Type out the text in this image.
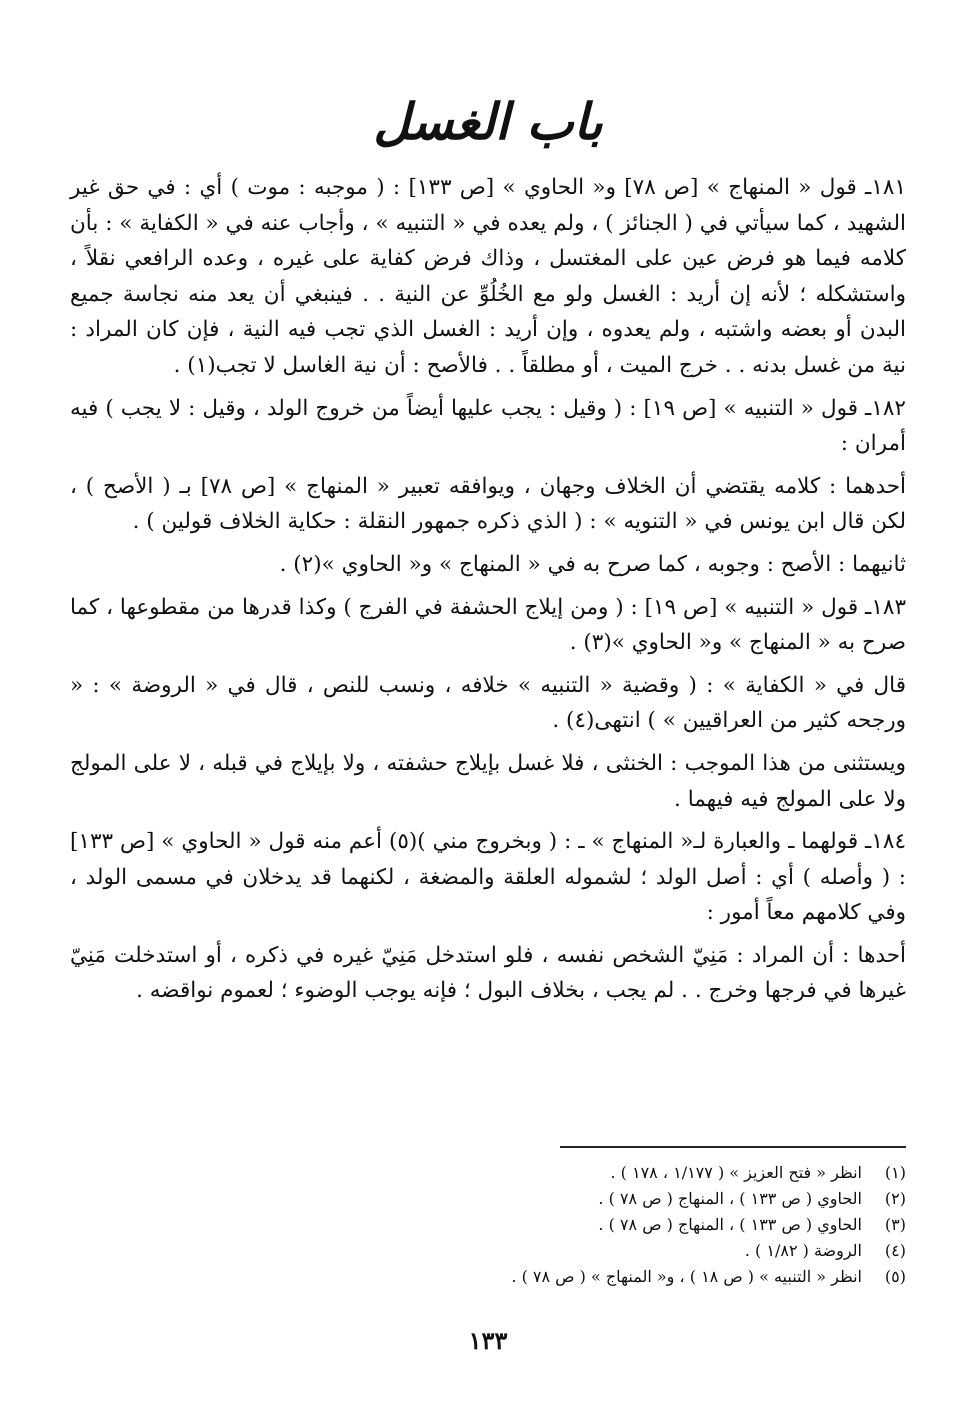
باب الغسل

١٨١ـ قول « المنهاج » [ص ٧٨] و« الحاوي » [ص ١٣٣] : ( موجبه : موت ) أي : في حق غير الشهيد ، كما سيأتي في ( الجنائز ) ، ولم يعده في « التنبيه » ، وأجاب عنه في « الكفاية » : بأن كلامه فيما هو فرض عين على المغتسل ، وذاك فرض كفاية على غيره ، وعده الرافعي نقلاً ، واستشكله ؛ لأنه إن أريد : الغسل ولو مع الخُلُوِّ عن النية . . فينبغي أن يعد منه نجاسة جميع البدن أو بعضه واشتبه ، ولم يعدوه ، وإن أريد : الغسل الذي تجب فيه النية ، فإن كان المراد : نية من غسل بدنه . . خرج الميت ، أو مطلقاً . . فالأصح : أن نية الغاسل لا تجب(١) .

١٨٢ـ قول « التنبيه » [ص ١٩] : ( وقيل : يجب عليها أيضاً من خروج الولد ، وقيل : لا يجب ) فيه أمران :

أحدهما : كلامه يقتضي أن الخلاف وجهان ، ويوافقه تعبير « المنهاج » [ص ٧٨] بـ ( الأصح ) ، لكن قال ابن يونس في « التنويه » : ( الذي ذكره جمهور النقلة : حكاية الخلاف قولين ) .

ثانيهما : الأصح : وجوبه ، كما صرح به في « المنهاج » و« الحاوي »(٢) .

١٨٣ـ قول « التنبيه » [ص ١٩] : ( ومن إيلاج الحشفة في الفرج ) وكذا قدرها من مقطوعها ، كما صرح به « المنهاج » و« الحاوي »(٣) .

قال في « الكفاية » : ( وقضية « التنبيه » خلافه ، ونسب للنص ، قال في « الروضة » : « ورجحه كثير من العراقيين » ) انتهى(٤) .

ويستثنى من هذا الموجب : الخنثى ، فلا غسل بإيلاج حشفته ، ولا بإيلاج في قبله ، لا على المولج ولا على المولج فيه فيهما .

١٨٤ـ قولهما ـ والعبارة لـ« المنهاج » ـ : ( وبخروج مني )(٥) أعم منه قول « الحاوي » [ص ١٣٣] : ( وأصله ) أي : أصل الولد ؛ لشموله العلقة والمضغة ، لكنهما قد يدخلان في مسمى الولد ، وفي كلامهم معاً أمور :

أحدها : أن المراد : مَنِيّ الشخص نفسه ، فلو استدخل مَنِيّ غيره في ذكره ، أو استدخلت مَنِيّ غيرها في فرجها وخرج . . لم يجب ، بخلاف البول ؛ فإنه يوجب الوضوء ؛ لعموم نواقضه .

(١)
انظر « فتح العزيز » ( ١/١٧٧ ، ١٧٨ ) .
(٢)
الحاوي ( ص ١٣٣ ) ، المنهاج ( ص ٧٨ ) .
(٣)
الحاوي ( ص ١٣٣ ) ، المنهاج ( ص ٧٨ ) .
(٤)
الروضة ( ١/٨٢ ) .
(٥)
انظر « التنبيه » ( ص ١٨ ) ، و« المنهاج » ( ص ٧٨ ) .
١٣٣
